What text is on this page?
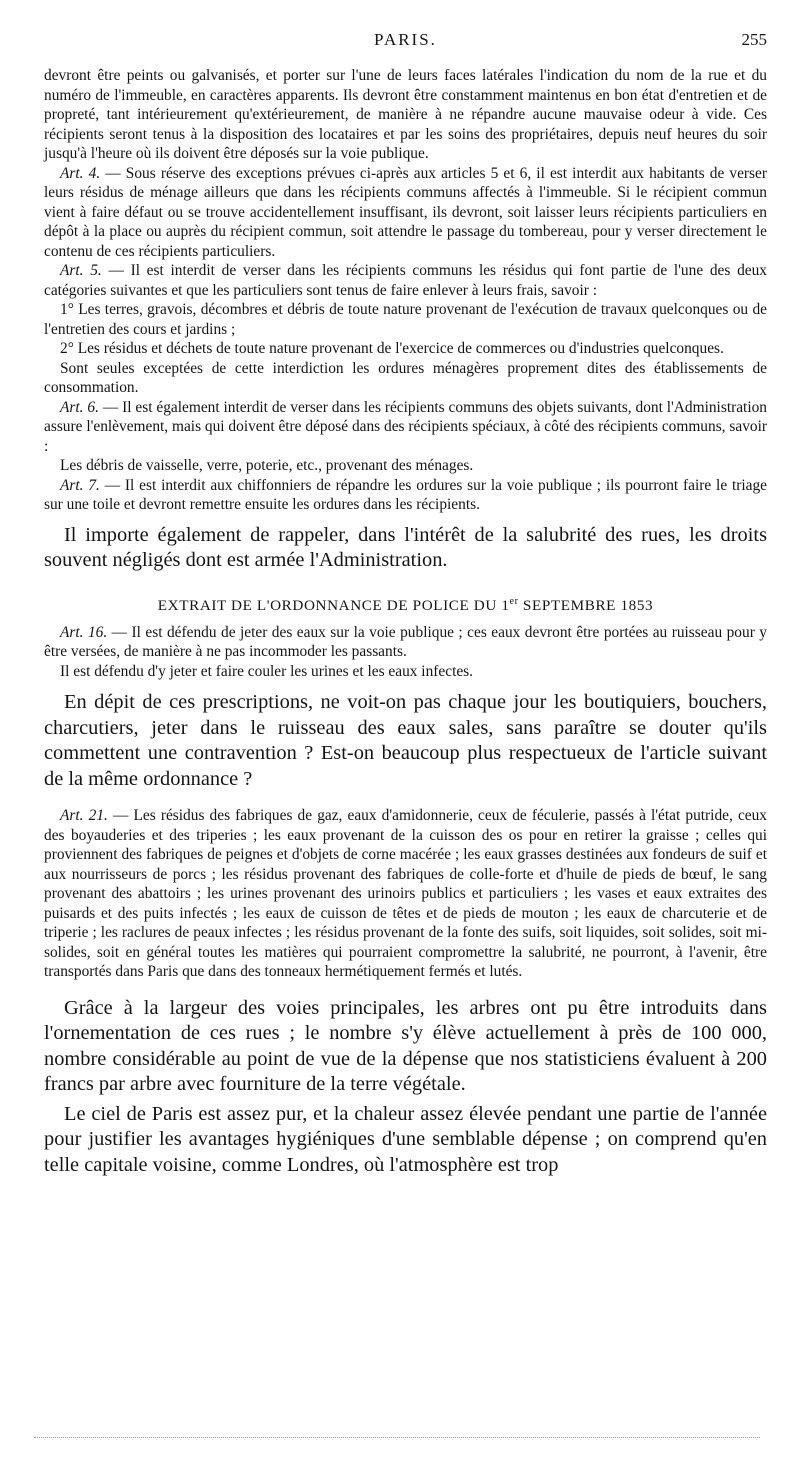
PARIS.	255

devront être peints ou galvanisés, et porter sur l'une de leurs faces latérales l'indication du nom de la rue et du numéro de l'immeuble, en caractères apparents. Ils devront être constamment maintenus en bon état d'entretien et de propreté, tant intérieurement qu'extérieurement, de manière à ne répandre aucune mauvaise odeur à vide. Ces récipients seront tenus à la disposition des locataires et par les soins des propriétaires, depuis neuf heures du soir jusqu'à l'heure où ils doivent être déposés sur la voie publique.

Art. 4. — Sous réserve des exceptions prévues ci-après aux articles 5 et 6, il est interdit aux habitants de verser leurs résidus de ménage ailleurs que dans les récipients communs affectés à l'immeuble. Si le récipient commun vient à faire défaut ou se trouve accidentellement insuffisant, ils devront, soit laisser leurs récipients particuliers en dépôt à la place ou auprès du récipient commun, soit attendre le passage du tombereau, pour y verser directement le contenu de ces récipients particuliers.

Art. 5. — Il est interdit de verser dans les récipients communs les résidus qui font partie de l'une des deux catégories suivantes et que les particuliers sont tenus de faire enlever à leurs frais, savoir :

1° Les terres, gravois, décombres et débris de toute nature provenant de l'exécution de travaux quelconques ou de l'entretien des cours et jardins ;

2° Les résidus et déchets de toute nature provenant de l'exercice de commerces ou d'industries quelconques.

Sont seules exceptées de cette interdiction les ordures ménagères proprement dites des établissements de consommation.

Art. 6. — Il est également interdit de verser dans les récipients communs des objets suivants, dont l'Administration assure l'enlèvement, mais qui doivent être déposé dans des récipients spéciaux, à côté des récipients communs, savoir :

Les débris de vaisselle, verre, poterie, etc., provenant des ménages.

Art. 7. — Il est interdit aux chiffonniers de répandre les ordures sur la voie publique ; ils pourront faire le triage sur une toile et devront remettre ensuite les ordures dans les récipients.

Il importe également de rappeler, dans l'intérêt de la salubrité des rues, les droits souvent négligés dont est armée l'Administration.

EXTRAIT DE L'ORDONNANCE DE POLICE DU 1er SEPTEMBRE 1853

Art. 16. — Il est défendu de jeter des eaux sur la voie publique ; ces eaux devront être portées au ruisseau pour y être versées, de manière à ne pas incommoder les passants.

Il est défendu d'y jeter et faire couler les urines et les eaux infectes.

En dépit de ces prescriptions, ne voit-on pas chaque jour les boutiquiers, bouchers, charcutiers, jeter dans le ruisseau des eaux sales, sans paraître se douter qu'ils commettent une contravention ? Est-on beaucoup plus respectueux de l'article suivant de la même ordonnance ?

Art. 21. — Les résidus des fabriques de gaz, eaux d'amidonnerie, ceux de féculerie, passés à l'état putride, ceux des boyauderies et des triperies ; les eaux provenant de la cuisson des os pour en retirer la graisse ; celles qui proviennent des fabriques de peignes et d'objets de corne macérée ; les eaux grasses destinées aux fondeurs de suif et aux nourrisseurs de porcs ; les résidus provenant des fabriques de colle-forte et d'huile de pieds de bœuf, le sang provenant des abattoirs ; les urines provenant des urinoirs publics et particuliers ; les vases et eaux extraites des puisards et des puits infectés ; les eaux de cuisson de têtes et de pieds de mouton ; les eaux de charcuterie et de triperie ; les raclures de peaux infectes ; les résidus provenant de la fonte des suifs, soit liquides, soit solides, soit mi-solides, soit en général toutes les matières qui pourraient compromettre la salubrité, ne pourront, à l'avenir, être transportés dans Paris que dans des tonneaux hermétiquement fermés et lutés.

Grâce à la largeur des voies principales, les arbres ont pu être introduits dans l'ornementation de ces rues ; le nombre s'y élève actuellement à près de 100 000, nombre considérable au point de vue de la dépense que nos statisticiens évaluent à 200 francs par arbre avec fourniture de la terre végétale.

Le ciel de Paris est assez pur, et la chaleur assez élevée pendant une partie de l'année pour justifier les avantages hygiéniques d'une semblable dépense ; on comprend qu'en telle capitale voisine, comme Londres, où l'atmosphère est trop
